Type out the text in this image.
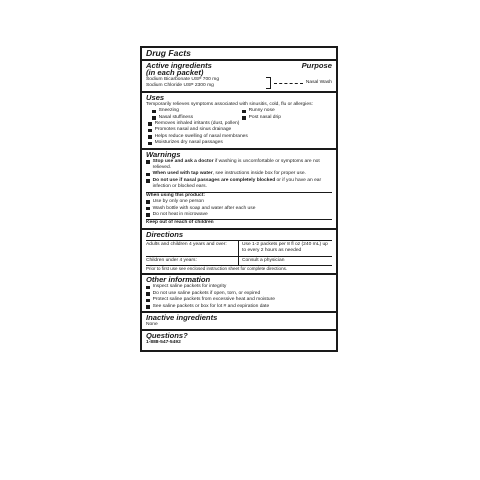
Drug Facts
Active ingredients
(in each packet)
Purpose
Sodium Bicarbonate USP 700 mg
Sodium Chloride USP 2300 mg
Nasal Wash
Uses
Temporarily relieves symptoms associated with sinusitis, cold, flu or allergies:
Sneezing	Runny nose
Nasal stuffiness	Post nasal drip
Removes inhaled irritants (dust, pollen)
Promotes nasal and sinus drainage
Helps reduce swelling of nasal membranes
Moisturizes dry nasal passages
Warnings
Stop use and ask a doctor if washing is uncomfortable or symptoms are not relieved.
When used with tap water, see instructions inside box for proper use.
Do not use if nasal passages are completely blocked or if you have an ear infection or blocked ears.
When using this product:
Use by only one person
Wash bottle with soap and water after each use
Do not heat in microwave
Keep out of reach of children
Directions
Adults and children 4 years and over:	Use 1-2 packets per 8 fl oz (240 mL) up to every 2 hours as needed
Children under 4 years:	Consult a physician
Prior to first use see enclosed instruction sheet for complete directions.
Other information
Inspect saline packets for integrity
Do not use saline packets if open, torn, or expired
Protect saline packets from excessive heat and moisture
See saline packets or box for lot # and expiration date
Inactive ingredients
None
Questions?
1-888-547-5492
